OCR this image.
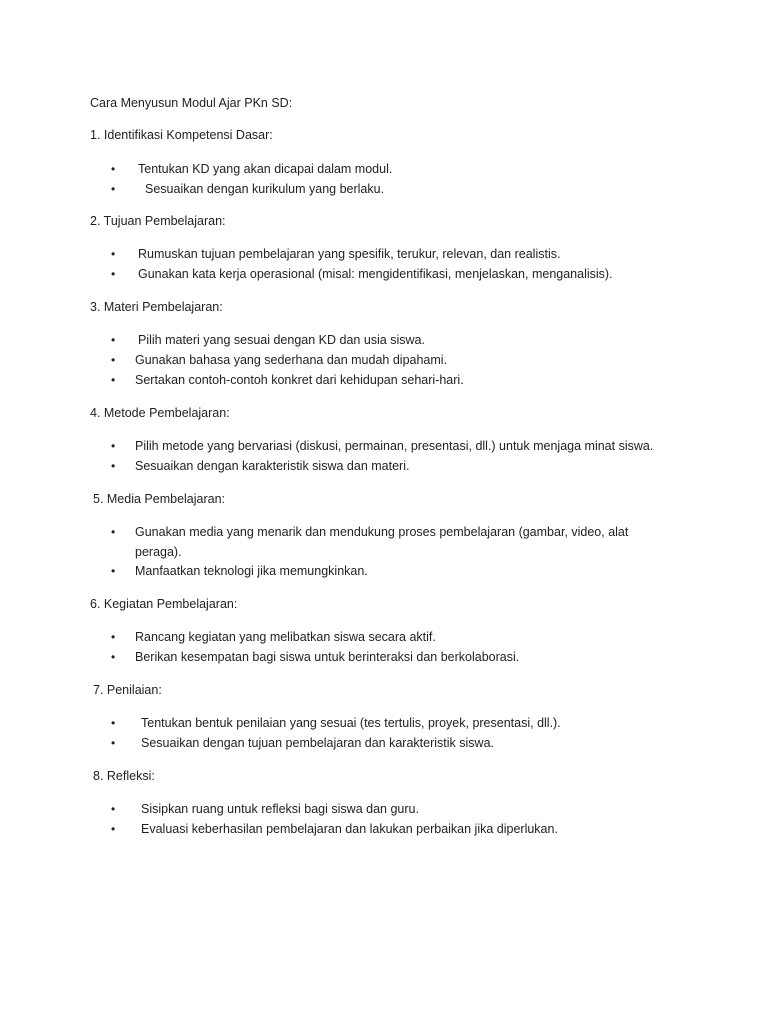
Cara Menyusun Modul Ajar PKn SD:
1. Identifikasi Kompetensi Dasar:
•	Tentukan KD yang akan dicapai dalam modul.
•	Sesuaikan dengan kurikulum yang berlaku.
2. Tujuan Pembelajaran:
•	Rumuskan tujuan pembelajaran yang spesifik, terukur, relevan, dan realistis.
•	Gunakan kata kerja operasional (misal: mengidentifikasi, menjelaskan, menganalisis).
3. Materi Pembelajaran:
•	Pilih materi yang sesuai dengan KD dan usia siswa.
•	Gunakan bahasa yang sederhana dan mudah dipahami.
•	Sertakan contoh-contoh konkret dari kehidupan sehari-hari.
4. Metode Pembelajaran:
•	Pilih metode yang bervariasi (diskusi, permainan, presentasi, dll.) untuk menjaga minat siswa.
•	Sesuaikan dengan karakteristik siswa dan materi.
5. Media Pembelajaran:
•	Gunakan media yang menarik dan mendukung proses pembelajaran (gambar, video, alat peraga).
•	Manfaatkan teknologi jika memungkinkan.
6. Kegiatan Pembelajaran:
•	Rancang kegiatan yang melibatkan siswa secara aktif.
•	Berikan kesempatan bagi siswa untuk berinteraksi dan berkolaborasi.
7. Penilaian:
•	Tentukan bentuk penilaian yang sesuai (tes tertulis, proyek, presentasi, dll.).
•	Sesuaikan dengan tujuan pembelajaran dan karakteristik siswa.
8. Refleksi:
•	Sisipkan ruang untuk refleksi bagi siswa dan guru.
•	Evaluasi keberhasilan pembelajaran dan lakukan perbaikan jika diperlukan.
